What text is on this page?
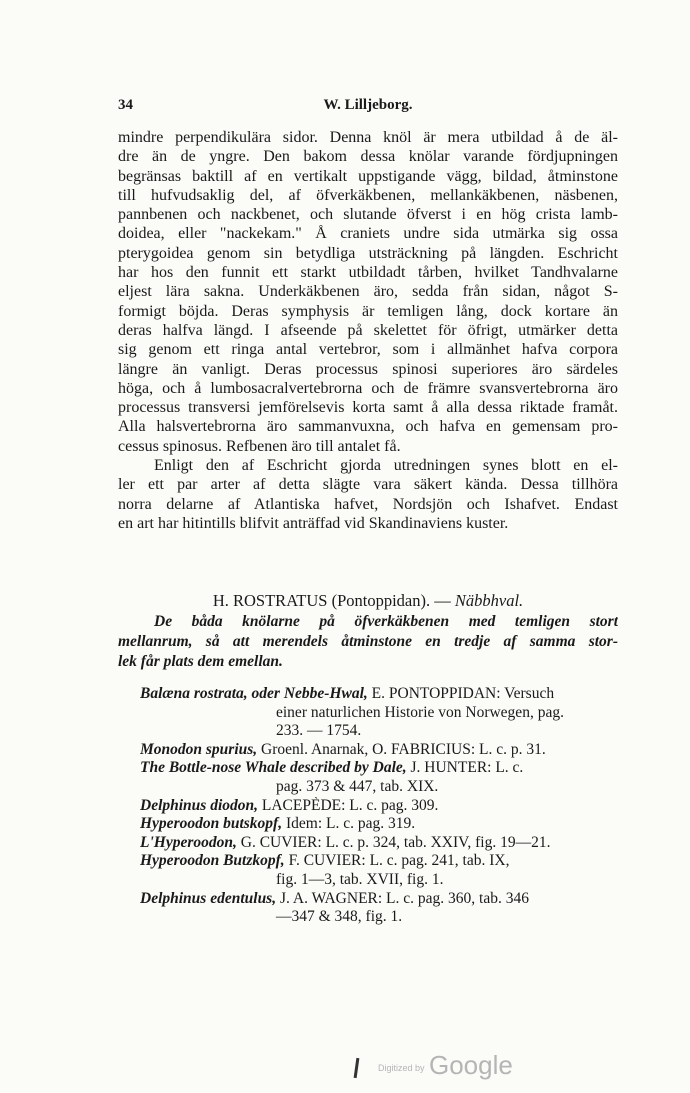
34	W. Lilljeborg.
mindre perpendikulära sidor. Denna knöl är mera utbildad å de äl-
dre än de yngre. Den bakom dessa knölar varande fördjupningen
begränsas baktill af en vertikalt uppstigande vägg, bildad, åtminstone
till hufvudsaklig del, af öfverkäkbenen, mellankäkbenen, näsbenen,
pannbenen och nackbenet, och slutande öfverst i en hög crista lamb-
doidea, eller "nackekam." Å craniets undre sida utmärka sig ossa
pterygoidea genom sin betydliga utsträckning på längden. Eschricht
har hos den funnit ett starkt utbildadt tårben, hvilket Tandhvalarne
eljest lära sakna. Underkäkbenen äro, sedda från sidan, något S-
formigt böjda. Deras symphysis är temligen lång, dock kortare än
deras halfva längd. I afseende på skelettet för öfrigt, utmärker detta
sig genom ett ringa antal vertebror, som i allmänhet hafva corpora
längre än vanligt. Deras processus spinosi superiores äro särdeles
höga, och å lumbosacralvertebrorna och de främre svansvertebrorna äro
processus transversi jemförelsevis korta samt å alla dessa riktade framåt.
Alla halsvertebrorna äro sammanvuxna, och hafva en gemensam pro-
cessus spinosus. Refbenen äro till antalet få.
Enligt den af Eschricht gjorda utredningen synes blott en el-
ler ett par arter af detta slägte vara säkert kända. Dessa tillhöra
norra delarne af Atlantiska hafvet, Nordsjön och Ishafvet. Endast
en art har hitintills blifvit anträffad vid Skandinaviens kuster.
H. ROSTRATUS (Pontoppidan). — Näbbhval.
De båda knölarne på öfverkäkbenen med temligen stort
mellanrum, så att merendels åtminstone en tredje af samma stor-
lek får plats dem emellan.
Balæna rostrata, oder Nebbe-Hwal, E. PONTOPPIDAN: Versuch
einer naturlichen Historie von Norwegen, pag.
233. — 1754.
Monodon spurius, Groenl. Anarnak, O. FABRICIUS: L. c. p. 31.
The Bottle-nose Whale described by Dale, J. HUNTER: L. c.
pag. 373 & 447, tab. XIX.
Delphinus diodon, LACEPÈDE: L. c. pag. 309.
Hyperoodon butskopf, Idem: L. c. pag. 319.
L'Hyperoodon, G. CUVIER: L. c. p. 324, tab. XXIV, fig. 19—21.
Hyperoodon Butzkopf, F. CUVIER: L. c. pag. 241, tab. IX,
fig. 1—3, tab. XVII, fig. 1.
Delphinus edentulus, J. A. WAGNER: L. c. pag. 360, tab. 346
—347 & 348, fig. 1.
Digitized by Google
